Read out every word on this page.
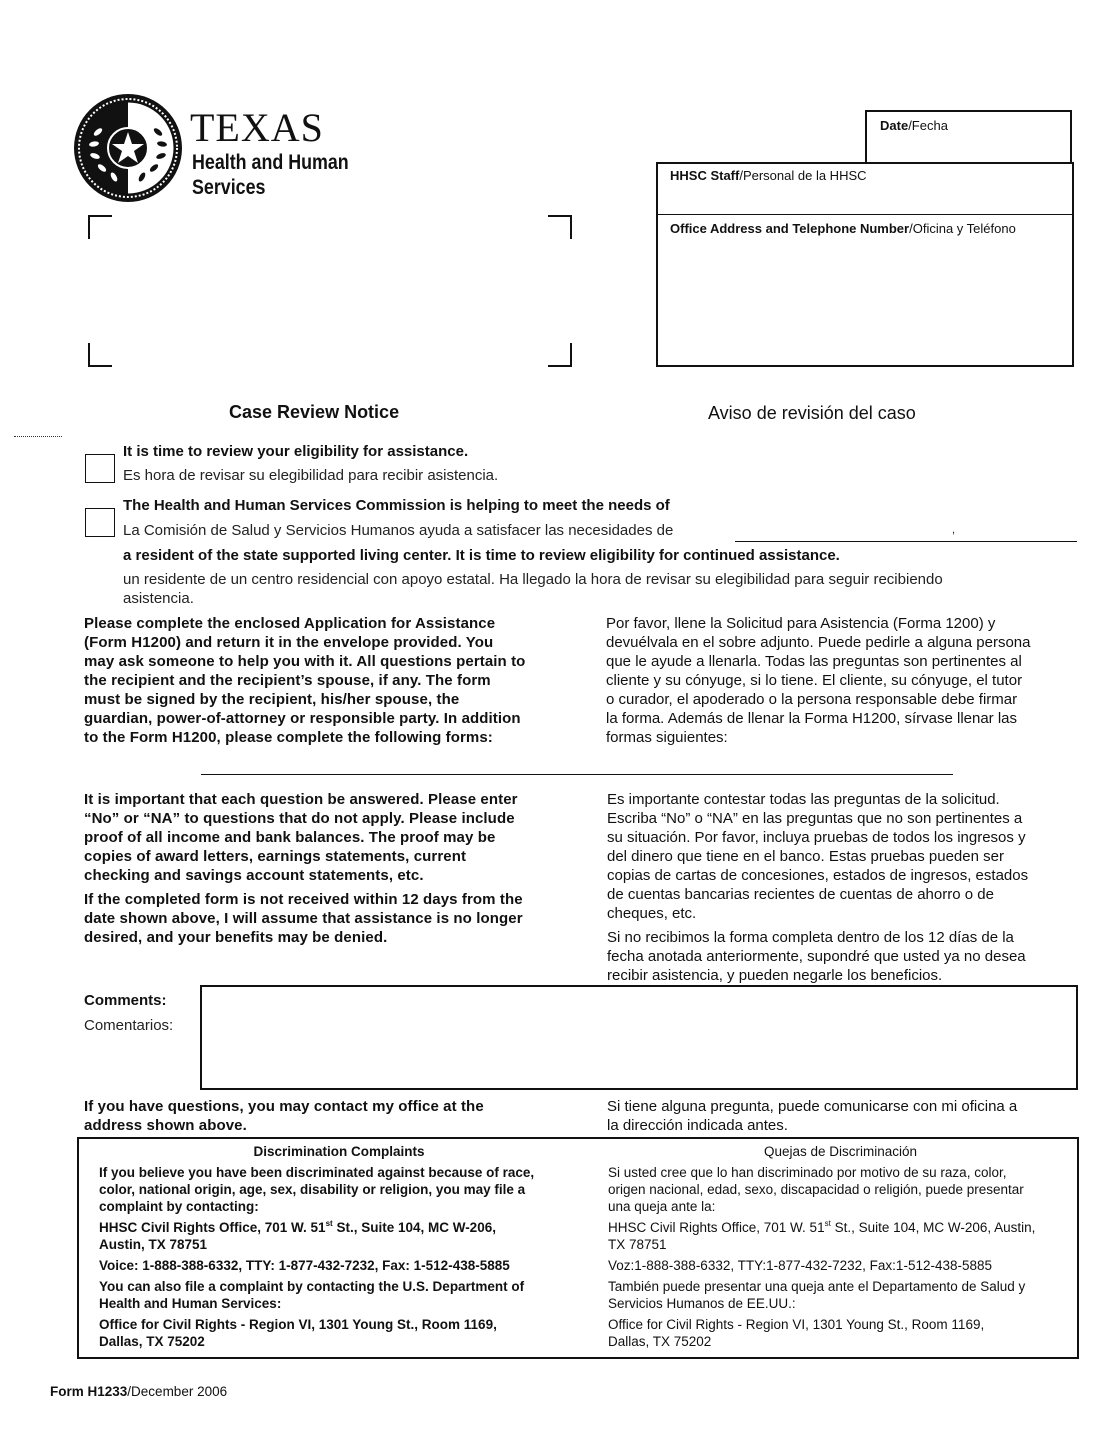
TEXAS
Health and Human
Services
Date/Fecha
HHSC Staff/Personal de la HHSC
Office Address and Telephone Number/Oficina y Teléfono
Case Review Notice	Aviso de revisión del caso
It is time to review your eligibility for assistance.
Es hora de revisar su elegibilidad para recibir asistencia.
The Health and Human Services Commission is helping to meet the needs of
La Comisión de Salud y Servicios Humanos ayuda a satisfacer las necesidades de	,
a resident of the state supported living center. It is time to review eligibility for continued assistance.
un residente de un centro residencial con apoyo estatal. Ha llegado la hora de revisar su elegibilidad para seguir recibiendo
asistencia.
Please complete the enclosed Application for Assistance
(Form H1200) and return it in the envelope provided. You
may ask someone to help you with it. All questions pertain to
the recipient and the recipient’s spouse, if any. The form
must be signed by the recipient, his/her spouse, the
guardian, power-of-attorney or responsible party. In addition
to the Form H1200, please complete the following forms:
Por favor, llene la Solicitud para Asistencia (Forma 1200) y
devuélvala en el sobre adjunto. Puede pedirle a alguna persona
que le ayude a llenarla. Todas las preguntas son pertinentes al
cliente y su cónyuge, si lo tiene. El cliente, su cónyuge, el tutor
o curador, el apoderado o la persona responsable debe firmar
la forma. Además de llenar la Forma H1200, sírvase llenar las
formas siguientes:
It is important that each question be answered. Please enter
“No” or “NA” to questions that do not apply. Please include
proof of all income and bank balances. The proof may be
copies of award letters, earnings statements, current
checking and savings account statements, etc.
If the completed form is not received within 12 days from the
date shown above, I will assume that assistance is no longer
desired, and your benefits may be denied.
Es importante contestar todas las preguntas de la solicitud.
Escriba “No” o “NA” en las preguntas que no son pertinentes a
su situación. Por favor, incluya pruebas de todos los ingresos y
del dinero que tiene en el banco. Estas pruebas pueden ser
copias de cartas de concesiones, estados de ingresos, estados
de cuentas bancarias recientes de cuentas de ahorro o de
cheques, etc.
Si no recibimos la forma completa dentro de los 12 días de la
fecha anotada anteriormente, supondré que usted ya no desea
recibir asistencia, y pueden negarle los beneficios.
Comments:
Comentarios:
If you have questions, you may contact my office at the
address shown above.
Si tiene alguna pregunta, puede comunicarse con mi oficina a
la dirección indicada antes.
Discrimination Complaints
If you believe you have been discriminated against because of race,
color, national origin, age, sex, disability or religion, you may file a
complaint by contacting:
HHSC Civil Rights Office, 701 W. 51st St., Suite 104, MC W-206,
Austin, TX 78751
Voice: 1-888-388-6332, TTY: 1-877-432-7232, Fax: 1-512-438-5885
You can also file a complaint by contacting the U.S. Department of
Health and Human Services:
Office for Civil Rights - Region VI, 1301 Young St., Room 1169,
Dallas, TX 75202
Quejas de Discriminación
Si usted cree que lo han discriminado por motivo de su raza, color,
origen nacional, edad, sexo, discapacidad o religión, puede presentar
una queja ante la:
HHSC Civil Rights Office, 701 W. 51st St., Suite 104, MC W-206, Austin,
TX 78751
Voz:1-888-388-6332, TTY:1-877-432-7232, Fax:1-512-438-5885
También puede presentar una queja ante el Departamento de Salud y
Servicios Humanos de EE.UU.:
Office for Civil Rights - Region VI, 1301 Young St., Room 1169,
Dallas, TX 75202
Form H1233/December 2006
